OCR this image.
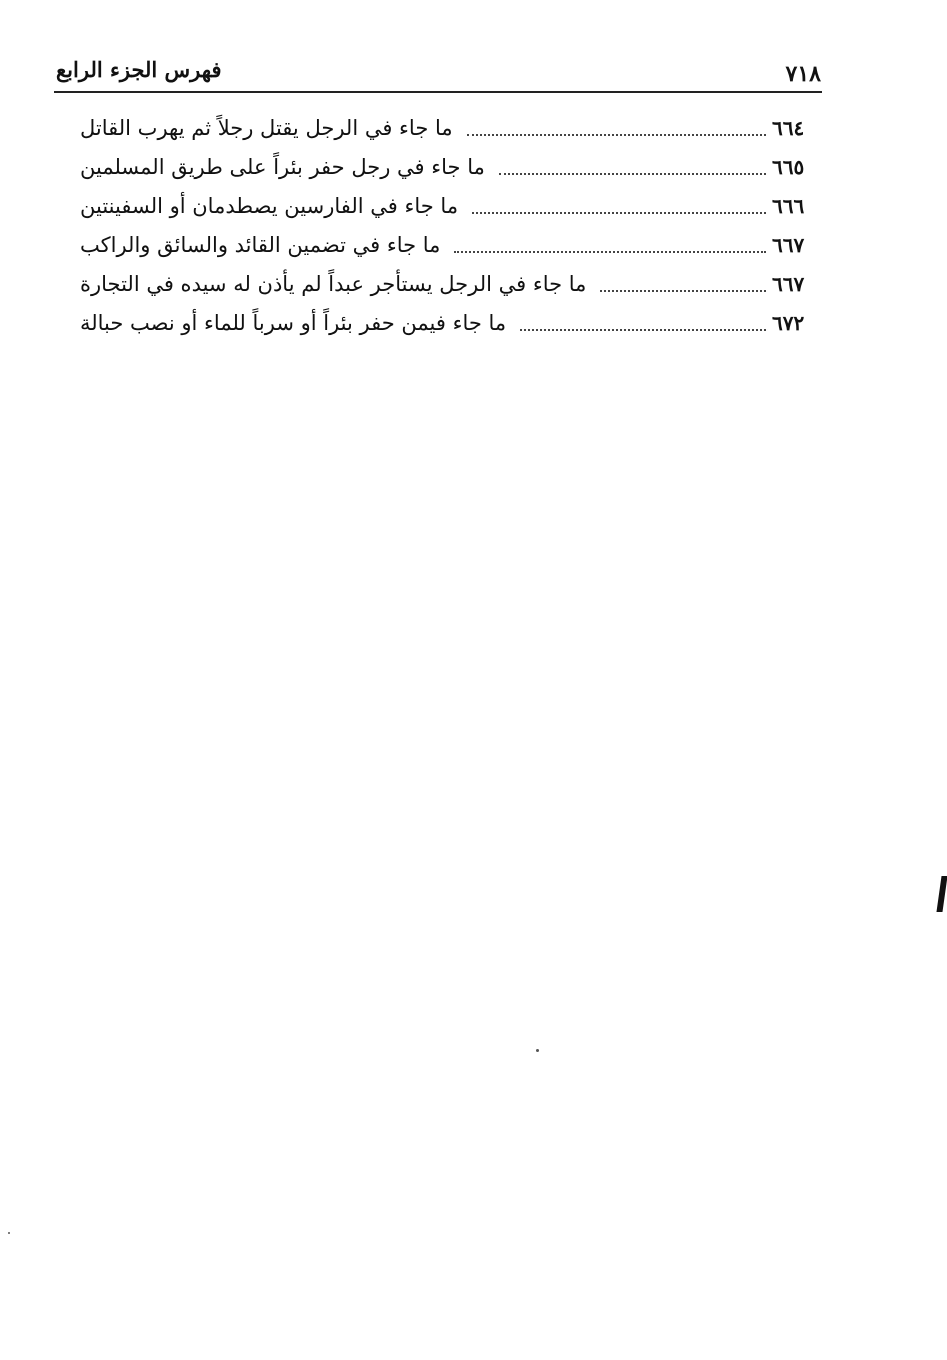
٧١٨
فهرس الجزء الرابع
ما جاء في الرجل يقتل رجلاً ثم يهرب القاتل	٦٦٤
ما جاء في رجل حفر بئراً على طريق المسلمين	٦٦٥
ما جاء في الفارسين يصطدمان أو السفينتين	٦٦٦
ما جاء في تضمين القائد والسائق والراكب	٦٦٧
ما جاء في الرجل يستأجر عبداً لم يأذن له سيده في التجارة	٦٦٧
ما جاء فيمن حفر بئراً أو سرباً للماء أو نصب حبالة	٦٧٢
